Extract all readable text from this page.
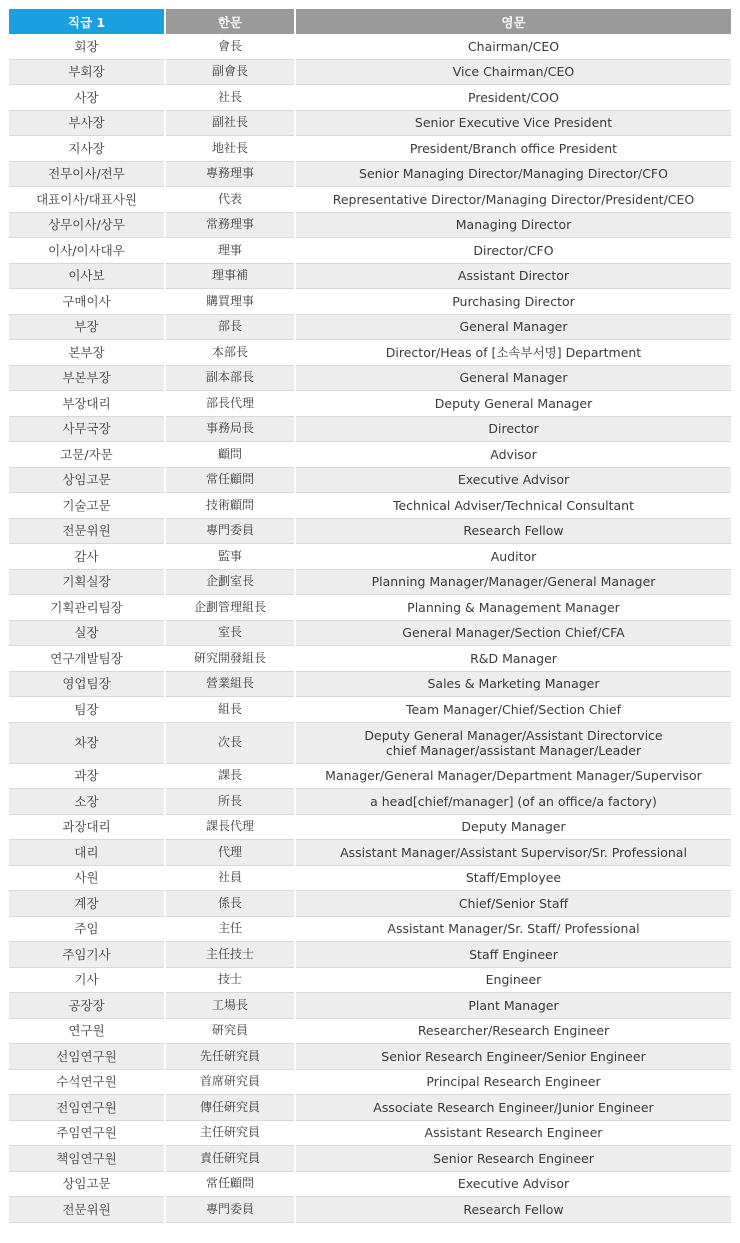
직급 1	한문	영문
회장	會長	Chairman/CEO
부회장	副會長	Vice Chairman/CEO
사장	社長	President/COO
부사장	副社長	Senior Executive Vice President
지사장	地社長	President/Branch office President
전무이사/전무	專務理事	Senior Managing Director/Managing Director/CFO
대표이사/대표사원	代表	Representative Director/Managing Director/President/CEO
상무이사/상무	常務理事	Managing Director
이사/이사대우	理事	Director/CFO
이사보	理事補	Assistant Director
구매이사	購買理事	Purchasing Director
부장	部長	General Manager
본부장	本部長	Director/Heas of [소속부서명] Department
부본부장	副本部長	General Manager
부장대리	部長代理	Deputy General Manager
사무국장	事務局長	Director
고문/자문	顧問	Advisor
상임고문	常任顧問	Executive Advisor
기술고문	技術顧問	Technical Adviser/Technical Consultant
전문위원	專門委員	Research Fellow
감사	監事	Auditor
기획실장	企劃室長	Planning Manager/Manager/General Manager
기획관리팀장	企劃管理組長	Planning & Management Manager
실장	室長	General Manager/Section Chief/CFA
연구개발팀장	硏究開發組長	R&D Manager
영업팀장	營業組長	Sales & Marketing Manager
팀장	組長	Team Manager/Chief/Section Chief
차장	次長	Deputy General Manager/Assistant Directorvice
chief Manager/assistant Manager/Leader

과장	課長	Manager/General Manager/Department Manager/Supervisor
소장	所長	a head[chief/manager] (of an office/a factory)
과장대리	課長代理	Deputy Manager
대리	代理	Assistant Manager/Assistant Supervisor/Sr. Professional
사원	社員	Staff/Employee
계장	係長	Chief/Senior Staff
주임	主任	Assistant Manager/Sr. Staff/ Professional
주임기사	主任技士	Staff Engineer
기사	技士	Engineer
공장장	工場長	Plant Manager
연구원	硏究員	Researcher/Research Engineer
선임연구원	先任硏究員	Senior Research Engineer/Senior Engineer
수석연구원	首席硏究員	Principal Research Engineer
전임연구원	傳任硏究員	Associate Research Engineer/Junior Engineer
주임연구원	主任硏究員	Assistant Research Engineer
책임연구원	責任硏究員	Senior Research Engineer
상임고문	常任顧問	Executive Advisor
전문위원	專門委員	Research Fellow
